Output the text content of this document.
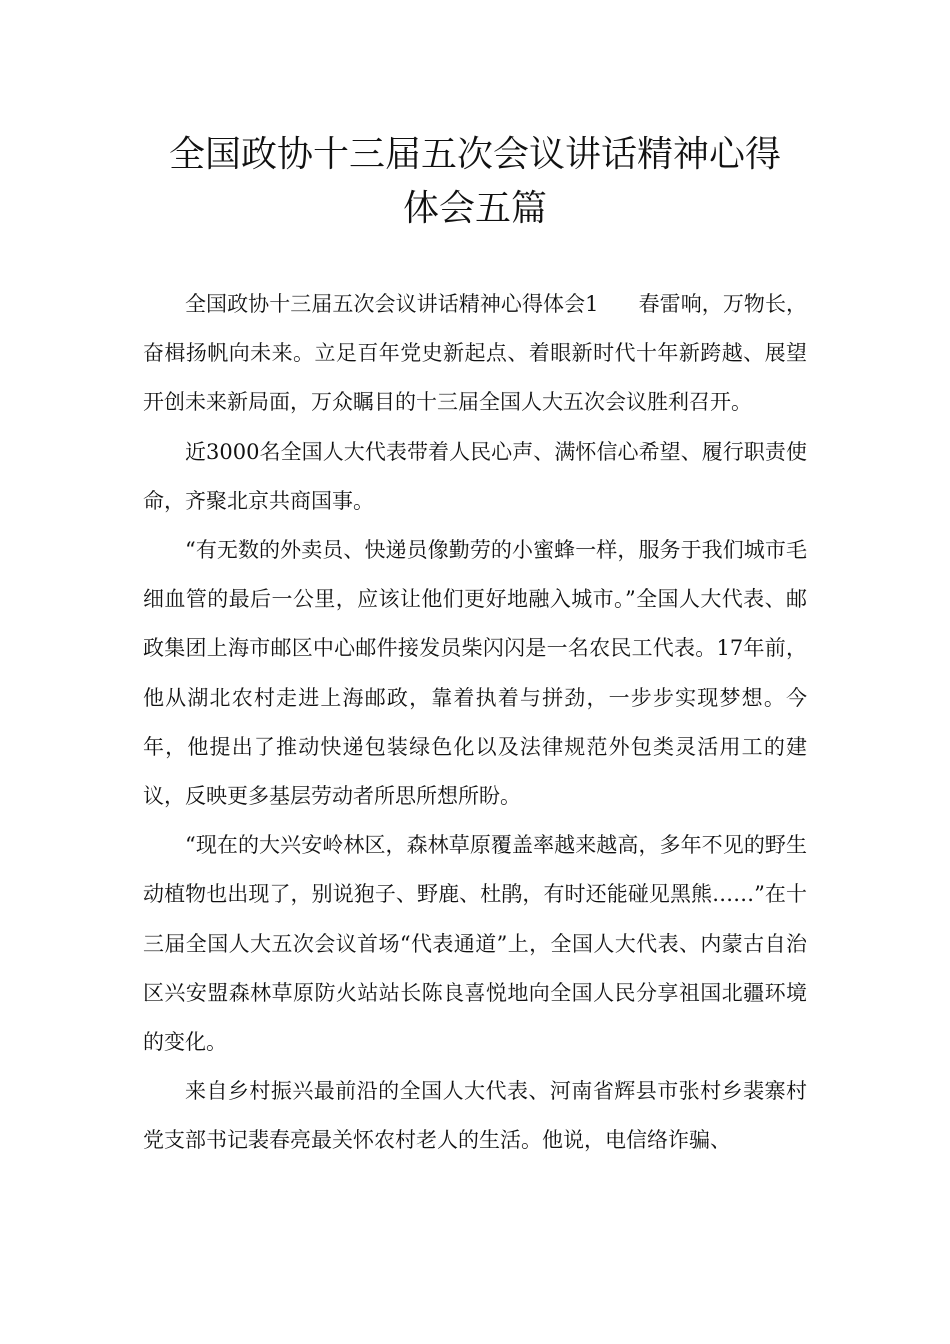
全国政协十三届五次会议讲话精神心得
体会五篇

全国政协十三届五次会议讲话精神心得体会1 春雷响，万物长，奋楫扬帆向未来。立足百年党史新起点、着眼新时代十年新跨越、展望开创未来新局面，万众瞩目的十三届全国人大五次会议胜利召开。

近3000名全国人大代表带着人民心声、满怀信心希望、履行职责使命，齐聚北京共商国事。

“有无数的外卖员、快递员像勤劳的小蜜蜂一样，服务于我们城市毛细血管的最后一公里，应该让他们更好地融入城市。”全国人大代表、邮政集团上海市邮区中心邮件接发员柴闪闪是一名农民工代表。17年前，他从湖北农村走进上海邮政，靠着执着与拼劲，一步步实现梦想。今年，他提出了推动快递包装绿色化以及法律规范外包类灵活用工的建议，反映更多基层劳动者所思所想所盼。

“现在的大兴安岭林区，森林草原覆盖率越来越高，多年不见的野生动植物也出现了，别说狍子、野鹿、杜鹃，有时还能碰见黑熊……”在十三届全国人大五次会议首场“代表通道”上，全国人大代表、内蒙古自治区兴安盟森林草原防火站站长陈良喜悦地向全国人民分享祖国北疆环境的变化。

来自乡村振兴最前沿的全国人大代表、河南省辉县市张村乡裴寨村党支部书记裴春亮最关怀农村老人的生活。他说，电信络诈骗、
